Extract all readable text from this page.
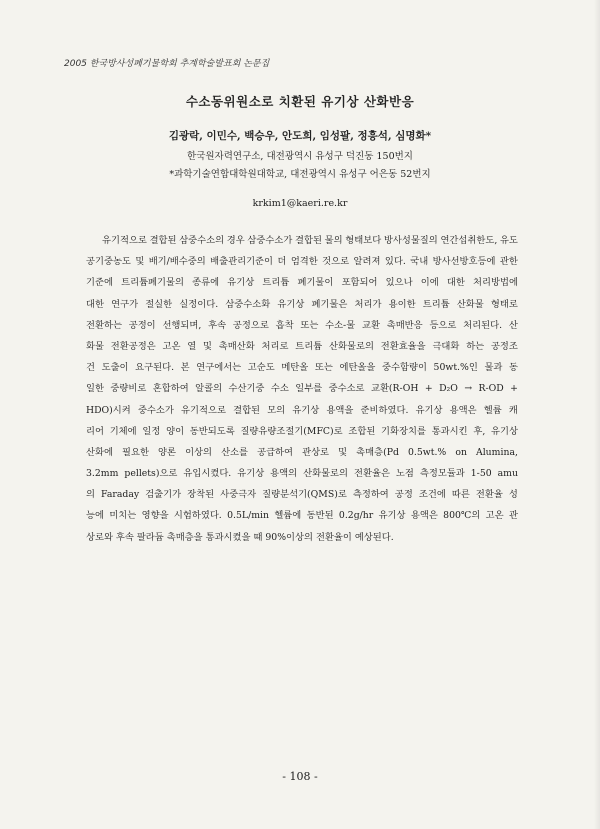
2005 한국방사성폐기물학회 추계학술발표회 논문집
수소동위원소로 치환된 유기상 산화반응
김광락, 이민수, 백승우, 안도희, 임성팔, 정흥석, 심명화*
한국원자력연구소, 대전광역시 유성구 덕진동 150번지
*과학기술연합대학원대학교, 대전광역시 유성구 어은동 52번지
krkim1@kaeri.re.kr
유기적으로 결합된 삼중수소의 경우 삼중수소가 결합된 물의 형태보다 방사성물질의 연간섭취한도, 유도
공기중농도 및 배기/배수중의 배출관리기준이 더 엄격한 것으로 알려져 있다. 국내 방사선방호등에 관한
기준에 트리튬폐기물의 종류에 유기상 트리튬 폐기물이 포함되어 있으나 이에 대한 처리방법에
대한 연구가 절실한 실정이다. 삼중수소화 유기상 폐기물은 처리가 용이한 트리튬 산화물 형태로
전환하는 공정이 선행되며, 후속 공정으로 흡착 또는 수소-물 교환 촉매반응 등으로 처리된다. 산
화물 전환공정은 고온 열 및 촉매산화 처리로 트리튬 산화물로의 전환효율을 극대화 하는 공정조
건 도출이 요구된다. 본 연구에서는 고순도 메탄올 또는 에탄올을 중수함량이 50wt.%인 물과 동
일한 중량비로 혼합하여 알콜의 수산기중 수소 일부를 중수소로 교환(R-OH + D₂O → R-OD +
HDO)시켜 중수소가 유기적으로 결합된 모의 유기상 용액을 준비하였다. 유기상 용액은 헬륨 캐
리어 기체에 일정 양이 동반되도록 질량유량조절기(MFC)로 조합된 기화장치를 통과시킨 후, 유기상
산화에 필요한 양론 이상의 산소를 공급하여 관상로 및 촉매층(Pd 0.5wt.% on Alumina,
3.2mm pellets)으로 유입시켰다. 유기상 용액의 산화물로의 전환율은 노점 측정모듈과 1-50 amu
의 Faraday 검출기가 장착된 사중극자 질량분석기(QMS)로 측정하여 공정 조건에 따른 전환율 성
능에 미치는 영향을 시험하였다. 0.5L/min 헬륨에 동반된 0.2g/hr 유기상 용액은 800℃의 고온 관
상로와 후속 팔라듐 촉매층을 통과시켰을 때 90%이상의 전환율이 예상된다.
- 108 -
